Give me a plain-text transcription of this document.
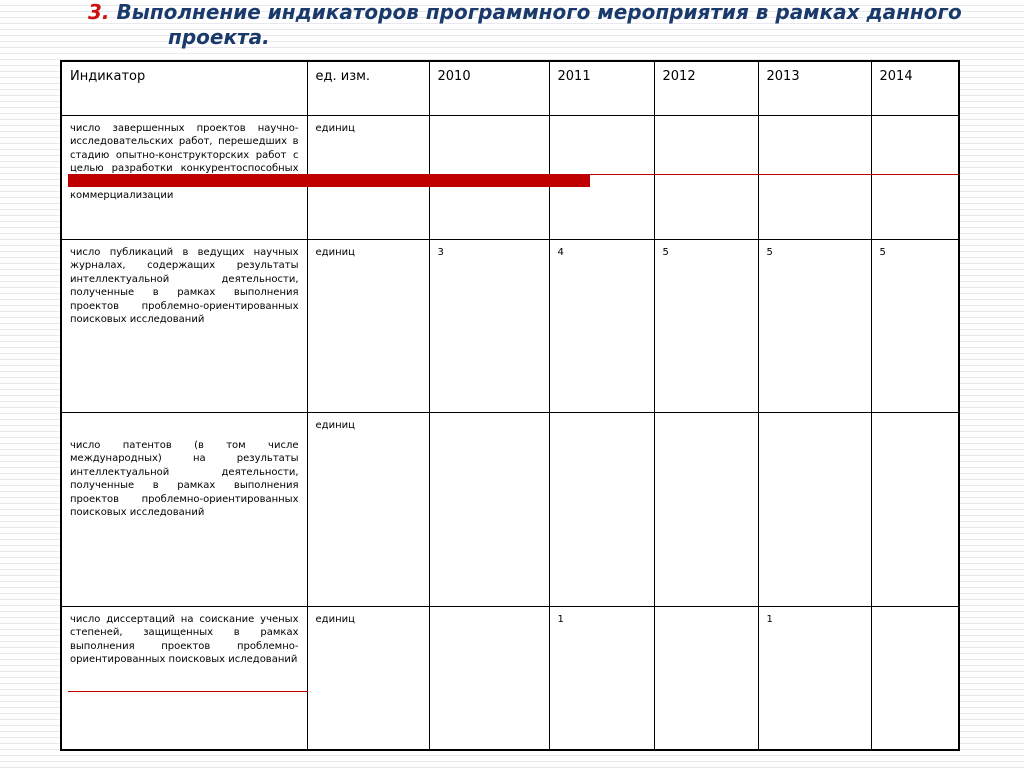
3. Выполнение индикаторов программного мероприятия в рамках данного
проекта.
Индикатор	ед. изм.	2010	2011	2012	2013	2014
число завершенных проектов научно-исследовательских работ, перешедших в стадию опытно-конструкторских работ с целью разработки конкурентоспособных коммерциализации	единиц					
число публикаций в ведущих научных журналах, содержащих результаты интеллектуальной деятельности, полученные в рамках выполнения проектов проблемно-ориентированных поисковых исследований	единиц	3	4	5	5	5

число патентов (в том числе международных) на результаты интеллектуальной деятельности, полученные в рамках выполнения проектов проблемно-ориентированных поисковых исследований	единиц					
число диссертаций на соискание ученых степеней, защищенных в рамках выполнения проектов проблемно-ориентированных поисковых иследований	единиц		1		1	
